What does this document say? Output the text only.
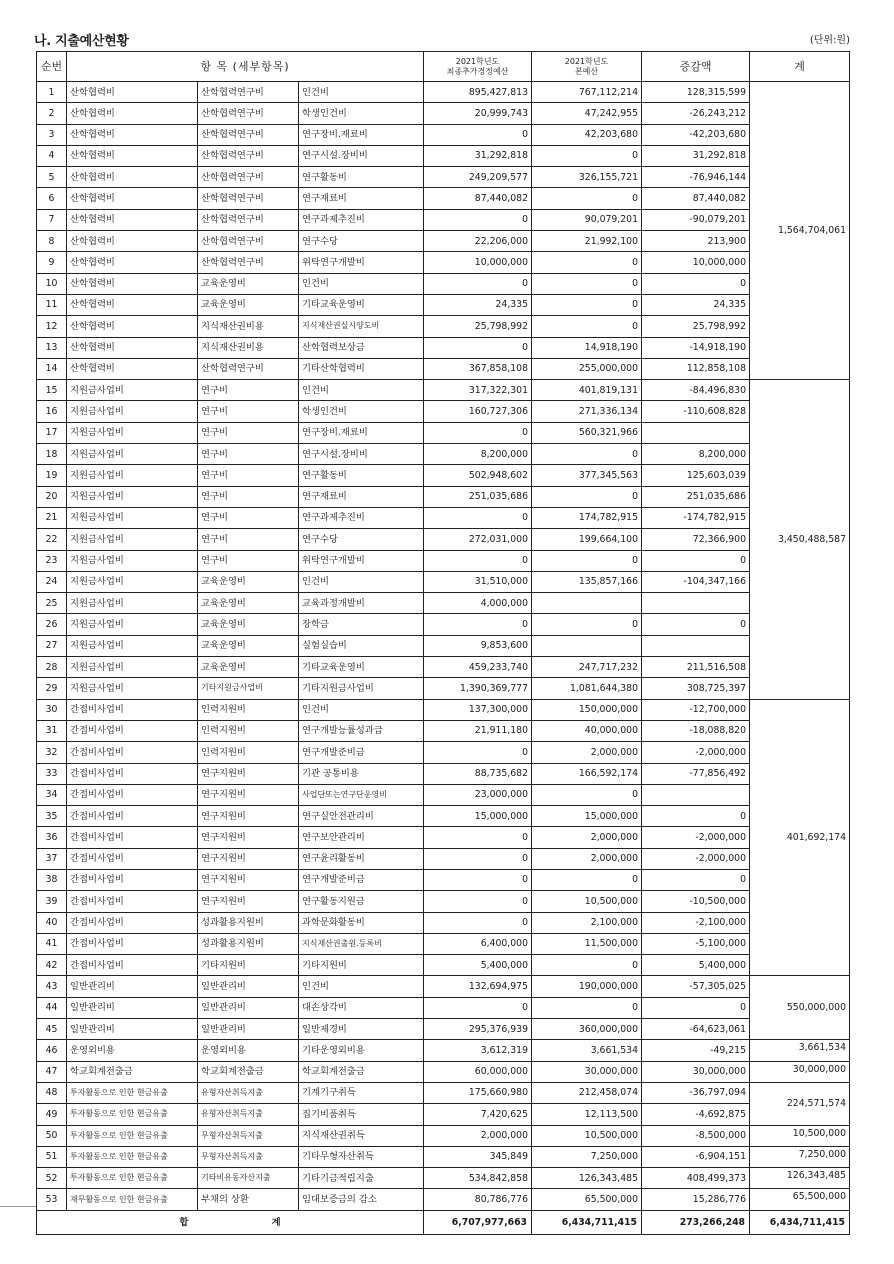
나. 지출예산현황	(단위:원)
순번	항 목 (세부항목)			2021학년도
최종추가경정예산	2021학년도
본예산	증감액	계
1	산학협력비	산학협력연구비	인건비	895,427,813	767,112,214	128,315,599	1,564,704,061
2	산학협력비	산학협력연구비	학생인건비	20,999,743	47,242,955	-26,243,212	
3	산학협력비	산학협력연구비	연구장비.재료비	0	42,203,680	-42,203,680	
4	산학협력비	산학협력연구비	연구시설.장비비	31,292,818	0	31,292,818	
5	산학협력비	산학협력연구비	연구활동비	249,209,577	326,155,721	-76,946,144	
6	산학협력비	산학협력연구비	연구재료비	87,440,082	0	87,440,082	
7	산학협력비	산학협력연구비	연구과제추진비	0	90,079,201	-90,079,201	
8	산학협력비	산학협력연구비	연구수당	22,206,000	21,992,100	213,900	
9	산학협력비	산학협력연구비	위탁연구개발비	10,000,000	0	10,000,000	
10	산학협력비	교육운영비	인건비	0	0	0	
11	산학협력비	교육운영비	기타교육운영비	24,335	0	24,335	
12	산학협력비	지식재산권비용	지식재산권실시양도비	25,798,992	0	25,798,992	
13	산학협력비	지식재산권비용	산학협력보상금	0	14,918,190	-14,918,190	
14	산학협력비	산학협력연구비	기타산학협력비	367,858,108	255,000,000	112,858,108	
15	지원금사업비	연구비	인건비	317,322,301	401,819,131	-84,496,830	3,450,488,587
16	지원금사업비	연구비	학생인건비	160,727,306	271,336,134	-110,608,828	
17	지원금사업비	연구비	연구장비.재료비	0	560,321,966		
18	지원금사업비	연구비	연구시설.장비비	8,200,000	0	8,200,000	
19	지원금사업비	연구비	연구활동비	502,948,602	377,345,563	125,603,039	
20	지원금사업비	연구비	연구재료비	251,035,686	0	251,035,686	
21	지원금사업비	연구비	연구과제추진비	0	174,782,915	-174,782,915	
22	지원금사업비	연구비	연구수당	272,031,000	199,664,100	72,366,900	
23	지원금사업비	연구비	위탁연구개발비	0	0	0	
24	지원금사업비	교육운영비	인건비	31,510,000	135,857,166	-104,347,166	
25	지원금사업비	교육운영비	교육과정개발비	4,000,000			
26	지원금사업비	교육운영비	장학금	0	0	0	
27	지원금사업비	교육운영비	실험실습비	9,853,600			
28	지원금사업비	교육운영비	기타교육운영비	459,233,740	247,717,232	211,516,508	
29	지원금사업비	기타지원금사업비	기타지원금사업비	1,390,369,777	1,081,644,380	308,725,397	
30	간접비사업비	인력지원비	인건비	137,300,000	150,000,000	-12,700,000	401,692,174
31	간접비사업비	인력지원비	연구개발능률성과급	21,911,180	40,000,000	-18,088,820	
32	간접비사업비	인력지원비	연구개발준비금	0	2,000,000	-2,000,000	
33	간접비사업비	연구지원비	기관 공통비용	88,735,682	166,592,174	-77,856,492	
34	간접비사업비	연구지원비	사업단또는연구단운영비	23,000,000	0		
35	간접비사업비	연구지원비	연구실안전관리비	15,000,000	15,000,000	0	
36	간접비사업비	연구지원비	연구보안관리비	0	2,000,000	-2,000,000	
37	간접비사업비	연구지원비	연구윤리활동비	0	2,000,000	-2,000,000	
38	간접비사업비	연구지원비	연구개발준비금	0	0	0	
39	간접비사업비	연구지원비	연구활동지원금	0	10,500,000	-10,500,000	
40	간접비사업비	성과활용지원비	과학문화활동비	0	2,100,000	-2,100,000	
41	간접비사업비	성과활용지원비	지식재산권출원.등록비	6,400,000	11,500,000	-5,100,000	
42	간접비사업비	기타지원비	기타지원비	5,400,000	0	5,400,000	
43	일반관리비	일반관리비	인건비	132,694,975	190,000,000	-57,305,025	550,000,000
44	일반관리비	일반관리비	대손상각비	0	0	0	
45	일반관리비	일반관리비	일반제경비	295,376,939	360,000,000	-64,623,061	
46	운영외비용	운영외비용	기타운영외비용	3,612,319	3,661,534	-49,215	3,661,534
47	학교회계전출금	학교회계전출금	학교회계전출금	60,000,000	30,000,000	30,000,000	30,000,000
48	투자활동으로 인한 현금유출	유형자산취득지출	기계기구취득	175,660,980	212,458,074	-36,797,094	224,571,574
49	투자활동으로 인한 현금유출	유형자산취득지출	집기비품취득	7,420,625	12,113,500	-4,692,875	
50	투자활동으로 인한 현금유출	무형자산취득지출	지식재산권취득	2,000,000	10,500,000	-8,500,000	10,500,000
51	투자활동으로 인한 현금유출	무형자산취득지출	기타무형자산취득	345,849	7,250,000	-6,904,151	7,250,000
52	투자활동으로 인한 현금유출	기타비유동자산지출	기타기금적립지출	534,842,858	126,343,485	408,499,373	126,343,485
53	재무활동으로 인한 현금유출	부채의 상환	임대보증금의 감소	80,786,776	65,500,000	15,286,776	65,500,000
합 계				6,707,977,663	6,434,711,415	273,266,248	6,434,711,415
